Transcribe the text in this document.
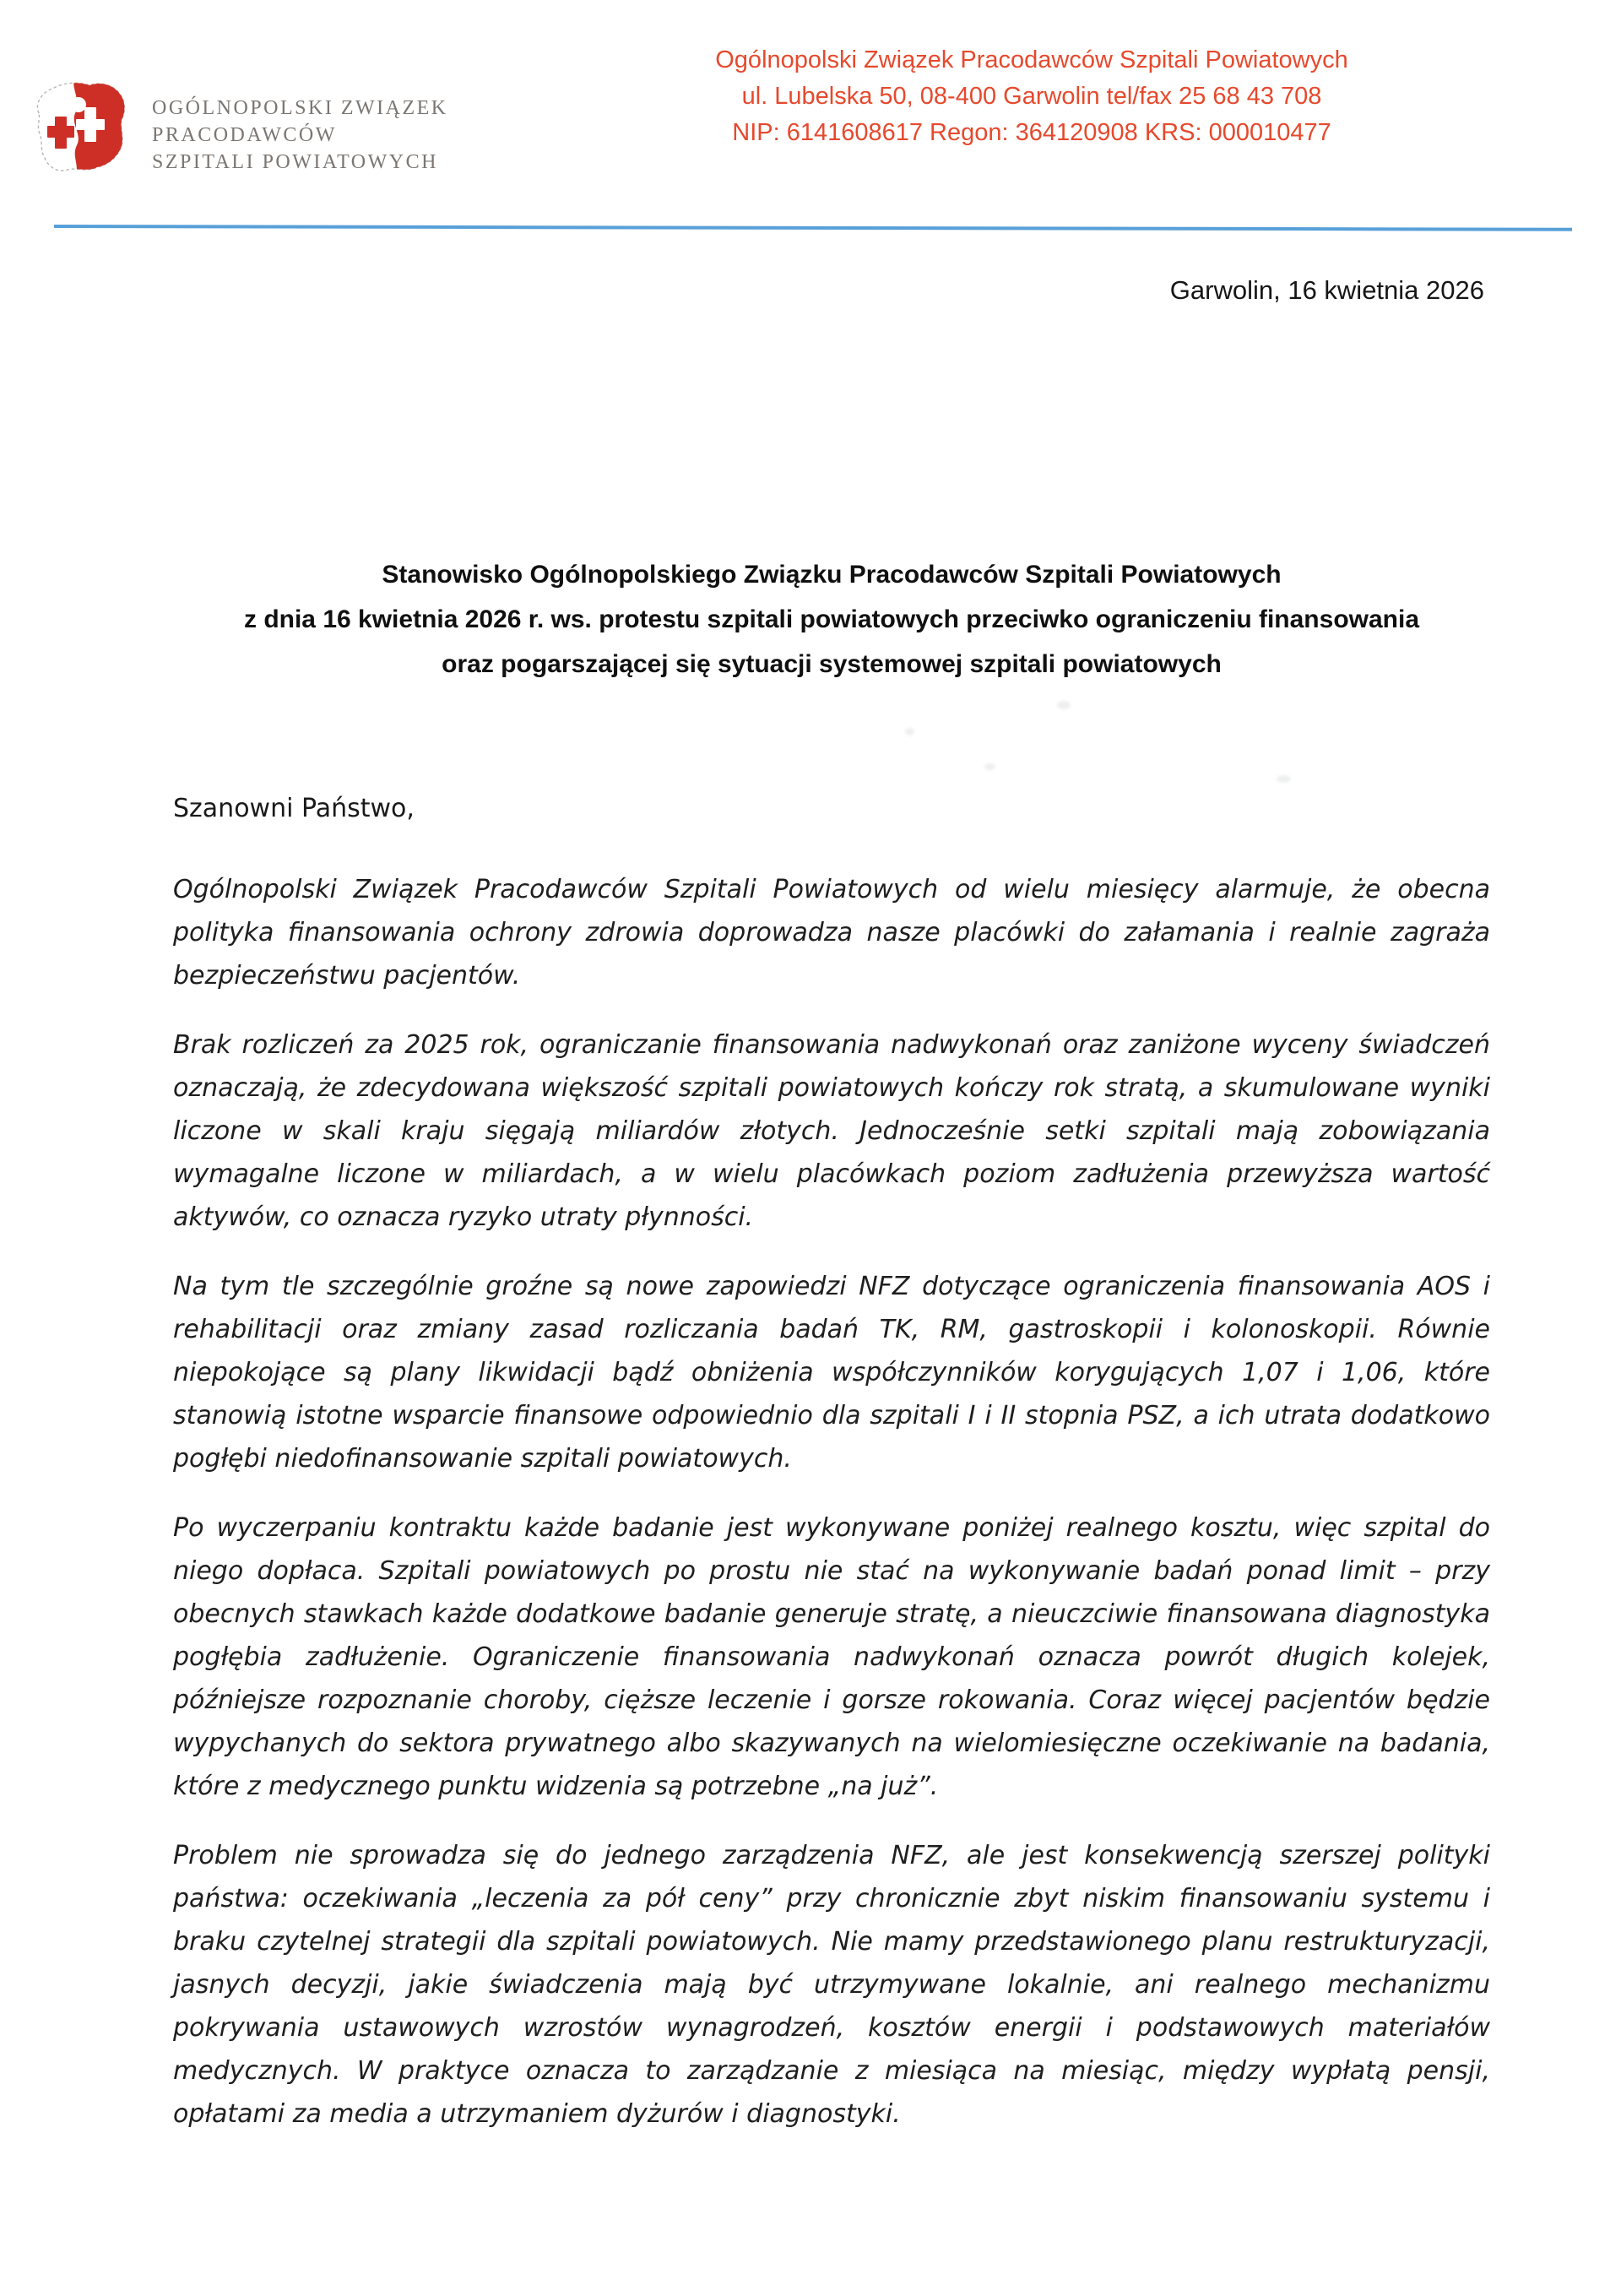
OGÓLNOPOLSKI ZWIĄZEK
PRACODAWCÓW
SZPITALI POWIATOWYCH
Ogólnopolski Związek Pracodawców Szpitali Powiatowych
ul. Lubelska 50, 08-400 Garwolin tel/fax 25 68 43 708
NIP: 6141608617 Regon: 364120908 KRS: 000010477
Garwolin, 16 kwietnia 2026
Stanowisko Ogólnopolskiego Związku Pracodawców Szpitali Powiatowych
z dnia 16 kwietnia 2026 r. ws. protestu szpitali powiatowych przeciwko ograniczeniu finansowania
oraz pogarszającej się sytuacji systemowej szpitali powiatowych
Szanowni Państwo,

Ogólnopolski Związek Pracodawców Szpitali Powiatowych od wielu miesięcy alarmuje, że obecna polityka finansowania ochrony zdrowia doprowadza nasze placówki do załamania i realnie zagraża bezpieczeństwu pacjentów.

Brak rozliczeń za 2025 rok, ograniczanie finansowania nadwykonań oraz zaniżone wyceny świadczeń oznaczają, że zdecydowana większość szpitali powiatowych kończy rok stratą, a skumulowane wyniki liczone w skali kraju sięgają miliardów złotych. Jednocześnie setki szpitali mają zobowiązania wymagalne liczone w miliardach, a w wielu placówkach poziom zadłużenia przewyższa wartość aktywów, co oznacza ryzyko utraty płynności.

Na tym tle szczególnie groźne są nowe zapowiedzi NFZ dotyczące ograniczenia finansowania AOS i rehabilitacji oraz zmiany zasad rozliczania badań TK, RM, gastroskopii i kolonoskopii. Równie niepokojące są plany likwidacji bądź obniżenia współczynników korygujących 1,07 i 1,06, które stanowią istotne wsparcie finansowe odpowiednio dla szpitali I i II stopnia PSZ, a ich utrata dodatkowo pogłębi niedofinansowanie szpitali powiatowych.

Po wyczerpaniu kontraktu każde badanie jest wykonywane poniżej realnego kosztu, więc szpital do niego dopłaca. Szpitali powiatowych po prostu nie stać na wykonywanie badań ponad limit – przy obecnych stawkach każde dodatkowe badanie generuje stratę, a nieuczciwie finansowana diagnostyka pogłębia zadłużenie. Ograniczenie finansowania nadwykonań oznacza powrót długich kolejek, późniejsze rozpoznanie choroby, cięższe leczenie i gorsze rokowania. Coraz więcej pacjentów będzie wypychanych do sektora prywatnego albo skazywanych na wielomiesięczne oczekiwanie na badania, które z medycznego punktu widzenia są potrzebne „na już”.

Problem nie sprowadza się do jednego zarządzenia NFZ, ale jest konsekwencją szerszej polityki państwa: oczekiwania „leczenia za pół ceny” przy chronicznie zbyt niskim finansowaniu systemu i braku czytelnej strategii dla szpitali powiatowych. Nie mamy przedstawionego planu restrukturyzacji, jasnych decyzji, jakie świadczenia mają być utrzymywane lokalnie, ani realnego mechanizmu pokrywania ustawowych wzrostów wynagrodzeń, kosztów energii i podstawowych materiałów medycznych. W praktyce oznacza to zarządzanie z miesiąca na miesiąc, między wypłatą pensji, opłatami za media a utrzymaniem dyżurów i diagnostyki.
